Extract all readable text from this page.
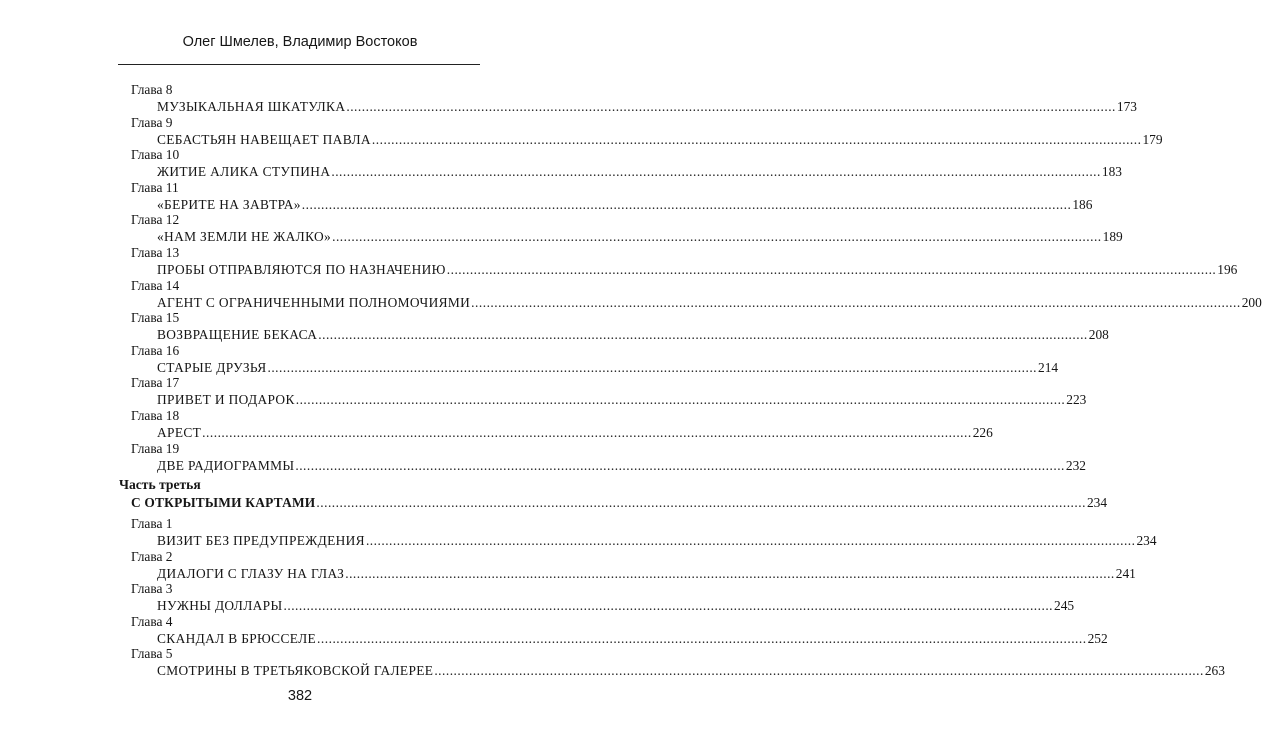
Олег Шмелев, Владимир Востоков
Глава 8
МУЗЫКАЛЬНАЯ ШКАТУЛКА ........................................................................................................................................................................................................ 173
Глава 9
СЕБАСТЬЯН НАВЕЩАЕТ ПАВЛА ........................................................................................................................................................................................................ 179
Глава 10
ЖИТИЕ АЛИКА СТУПИНА ........................................................................................................................................................................................................ 183
Глава 11
«БЕРИТЕ НА ЗАВТРА» ........................................................................................................................................................................................................ 186
Глава 12
«НАМ ЗЕМЛИ НЕ ЖАЛКО» ........................................................................................................................................................................................................ 189
Глава 13
ПРОБЫ ОТПРАВЛЯЮТСЯ ПО НАЗНАЧЕНИЮ ........................................................................................................................................................................................................ 196
Глава 14
АГЕНТ С ОГРАНИЧЕННЫМИ ПОЛНОМОЧИЯМИ ........................................................................................................................................................................................................ 200
Глава 15
ВОЗВРАЩЕНИЕ БЕКАСА ........................................................................................................................................................................................................ 208
Глава 16
СТАРЫЕ ДРУЗЬЯ ........................................................................................................................................................................................................ 214
Глава 17
ПРИВЕТ И ПОДАРОК ........................................................................................................................................................................................................ 223
Глава 18
АРЕСТ ........................................................................................................................................................................................................ 226
Глава 19
ДВЕ РАДИОГРАММЫ ........................................................................................................................................................................................................ 232
Часть третья
С ОТКРЫТЫМИ КАРТАМИ ........................................................................................................................................................................................................ 234
Глава 1
ВИЗИТ БЕЗ ПРЕДУПРЕЖДЕНИЯ ........................................................................................................................................................................................................ 234
Глава 2
ДИАЛОГИ С ГЛАЗУ НА ГЛАЗ ........................................................................................................................................................................................................ 241
Глава 3
НУЖНЫ ДОЛЛАРЫ ........................................................................................................................................................................................................ 245
Глава 4
СКАНДАЛ В БРЮССЕЛЕ ........................................................................................................................................................................................................ 252
Глава 5
СМОТРИНЫ В ТРЕТЬЯКОВСКОЙ ГАЛЕРЕЕ ........................................................................................................................................................................................................ 263
382
